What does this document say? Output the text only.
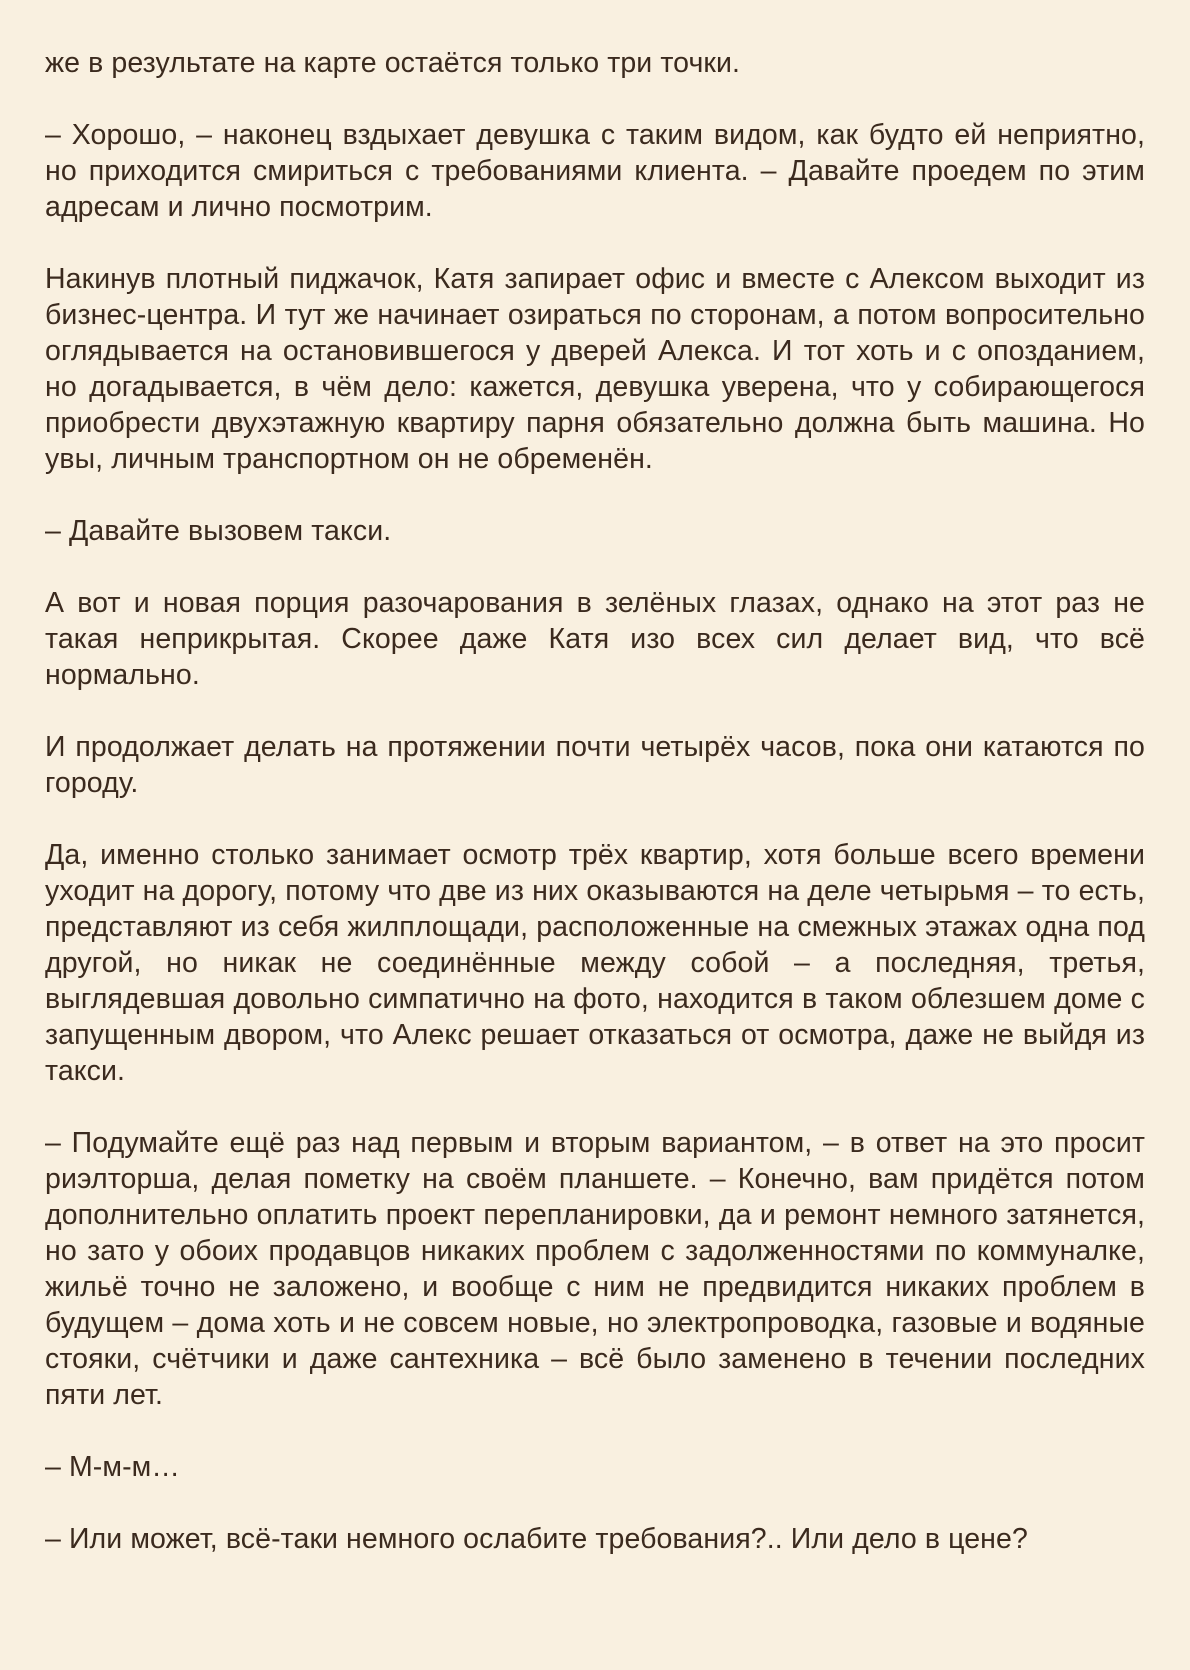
же в результате на карте остаётся только три точки.

– Хорошо, – наконец вздыхает девушка с таким видом, как будто ей неприятно, но приходится смириться с требованиями клиента. – Давайте проедем по этим адресам и лично посмотрим.

Накинув плотный пиджачок, Катя запирает офис и вместе с Алексом выходит из бизнес-центра. И тут же начинает озираться по сторонам, а потом вопросительно оглядывается на остановившегося у дверей Алекса. И тот хоть и с опозданием, но догадывается, в чём дело: кажется, девушка уверена, что у собирающегося приобрести двухэтажную квартиру парня обязательно должна быть машина. Но увы, личным транспортном он не обременён.

– Давайте вызовем такси.

А вот и новая порция разочарования в зелёных глазах, однако на этот раз не такая неприкрытая. Скорее даже Катя изо всех сил делает вид, что всё нормально.

И продолжает делать на протяжении почти четырёх часов, пока они катаются по городу.

Да, именно столько занимает осмотр трёх квартир, хотя больше всего времени уходит на дорогу, потому что две из них оказываются на деле четырьмя – то есть, представляют из себя жилплощади, расположенные на смежных этажах одна под другой, но никак не соединённые между собой – а последняя, третья, выглядевшая довольно симпатично на фото, находится в таком облезшем доме с запущенным двором, что Алекс решает отказаться от осмотра, даже не выйдя из такси.

– Подумайте ещё раз над первым и вторым вариантом, – в ответ на это просит риэлторша, делая пометку на своём планшете. – Конечно, вам придётся потом дополнительно оплатить проект перепланировки, да и ремонт немного затянется, но зато у обоих продавцов никаких проблем с задолженностями по коммуналке, жильё точно не заложено, и вообще с ним не предвидится никаких проблем в будущем – дома хоть и не совсем новые, но электропроводка, газовые и водяные стояки, счётчики и даже сантехника – всё было заменено в течении последних пяти лет.

– М-м-м…

– Или может, всё-таки немного ослабите требования?.. Или дело в цене?
